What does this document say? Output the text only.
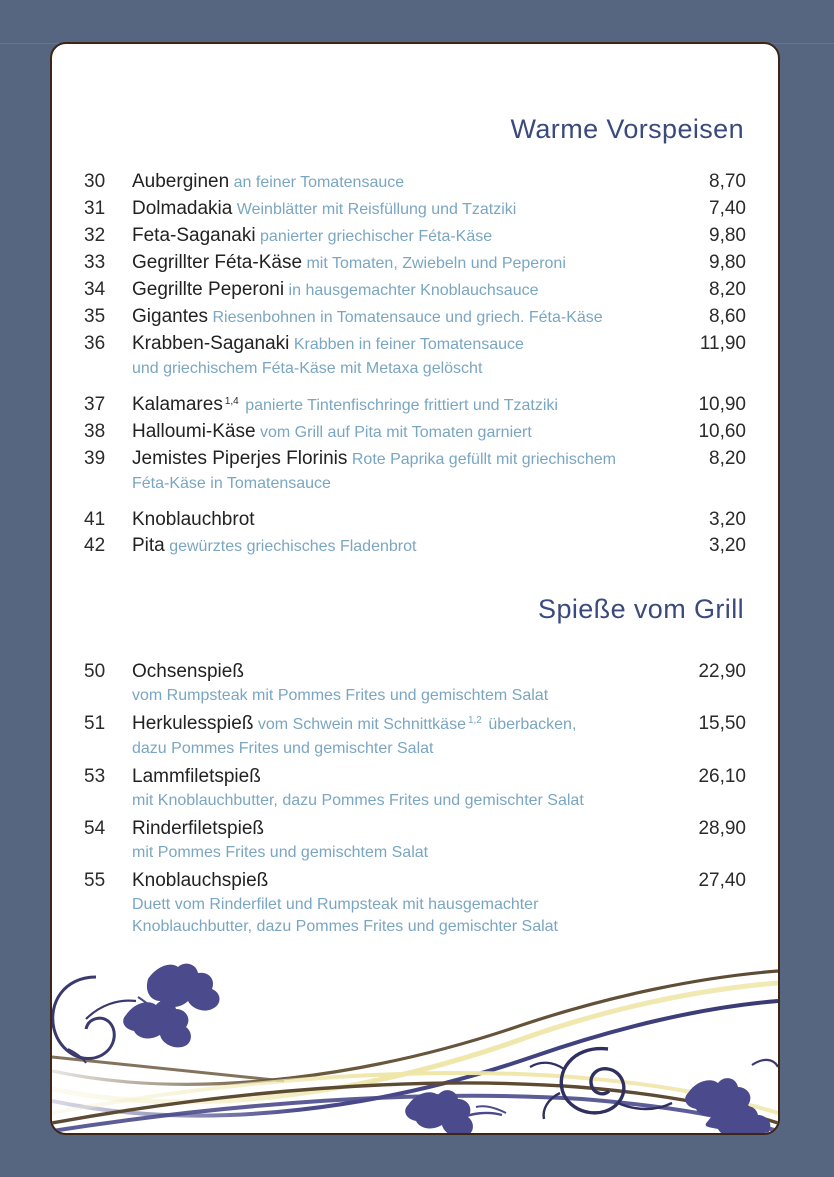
Warme Vorspeisen
30	Auberginen an feiner Tomatensauce	8,70
31	Dolmadakia Weinblätter mit Reisfüllung und Tzatziki	7,40
32	Feta-Saganaki panierter griechischer Féta-Käse	9,80
33	Gegrillter Féta-Käse mit Tomaten, Zwiebeln und Peperoni	9,80
34	Gegrillte Peperoni in hausgemachter Knoblauchsauce	8,20
35	Gigantes Riesenbohnen in Tomatensauce und griech. Féta-Käse	8,60
36	Krabben-Saganaki Krabben in feiner Tomatensauce
und griechischem Féta-Käse mit Metaxa gelöscht
11,90
37	Kalamares $^{1,4}$ panierte Tintenfischringe frittiert und Tzatziki	10,90
38	Halloumi-Käse vom Grill auf Pita mit Tomaten garniert	10,60
39	Jemistes Piperjes Florinis Rote Paprika gefüllt mit griechischem
Féta-Käse in Tomatensauce
8,20
41	Knoblauchbrot	3,20
42	Pita gewürztes griechisches Fladenbrot	3,20
Spieße vom Grill
50	Ochsenspieß
vom Rumpsteak mit Pommes Frites und gemischtem Salat
22,90
51	Herkulesspieß vom Schwein mit Schnittkäse $^{1,2}$ überbacken,
dazu Pommes Frites und gemischter Salat
15,50
53	Lammfiletspieß
mit Knoblauchbutter, dazu Pommes Frites und gemischter Salat
26,10
54	Rinderfiletspieß
mit Pommes Frites und gemischtem Salat
28,90
55	Knoblauchspieß
Duett vom Rinderfilet und Rumpsteak mit hausgemachter
Knoblauchbutter, dazu Pommes Frites und gemischter Salat
27,40
